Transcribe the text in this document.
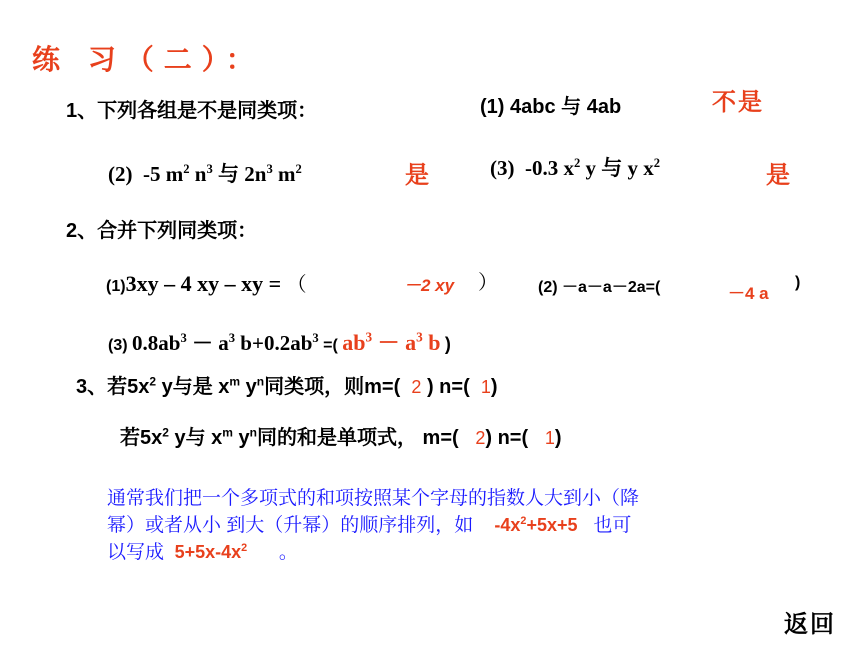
练 习（二）：
1、下列各组是不是同类项：	(1) 4abc 与 4ab	不是
(2) -5 $m^2$ $n^3$ 与 $2n^3$ $m^2$	是	(3) -0.3 $x^2$ y 与 y $x^2$	是
2、合并下列同类项：
(1)3xy – 4 xy – xy = （	－2 xy ）	(2) －a－a－2a=(	－4 a
)
(3) $0.8ab^3 - a^3$ $b+0.2ab^3$ =( $ab^3 - a^3$ b )
3、若$5x^2$ y与是 $x^m$ $y^n$同类项，则m=( 2 ) n=( 1)
若$5x^2$ y与 $x^m$ $y^n$同的和是单项式， m=( 2) n=( 1)
通常我们把一个多项式的和项按照某个字母的指数人大到小（降
幂）或者从小 到大（升幂）的顺序排列，如 $-4x^2+5x+5$ 也可
以写成 $5+5x-4x^2$ 。
返回
